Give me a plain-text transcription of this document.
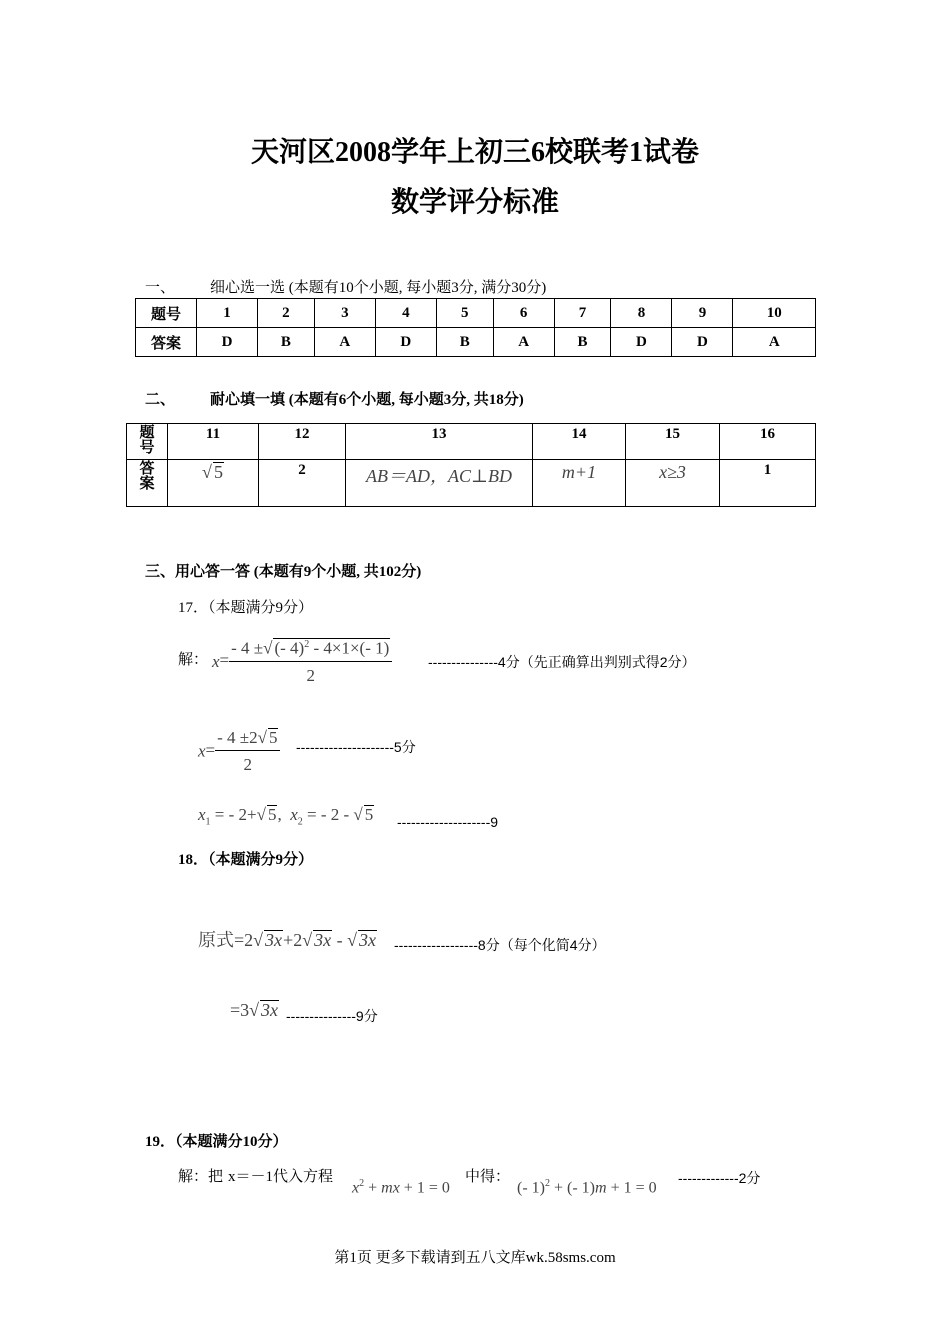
天河区2008学年上初三6校联考1试卷
数学评分标准
一、 细心选一选 (本题有10个小题, 每小题3分, 满分30分)
题号	1	2	3	4	5	6	7	8	9	10
答案	D	B	A	D	B	A	B	D	D	A
二、 耐心填一填 (本题有6个小题, 每小题3分, 共18分)
题号	11	12	13	14	15	16
答案	√ 5	2	AB＝AD，AC⊥BD	m+1	x≥3	1
三、用心答一答 (本题有9个小题, 共102分)
17．（本题满分9分）
解： $x= \frac{- 4 \pm√ (- 4)^2 - 4\times 1\times(- 1)}{2}$	---------------4分（先正确算出判别式得2分）
$x= \frac{- 4 \pm 2√ 5}{2} ---------------------5$分
$x_1$ = - 2+√ 5,  $x_2$ = - 2 - √ 5 --------------------9
18．（本题满分9分）
原式=2√ 3x+2√ 3x - √ 3x ------------------8分（每个化简4分）
=3√ 3x ---------------9分
19．（本题满分10分）
解：把 x＝－1代入方程
$x^2$ + mx + 1 = 0
中得：
(- 1)$^2$ + (- 1)m + 1 = 0
-------------2分
第1页 更多下载请到五八文库wk.58sms.com
